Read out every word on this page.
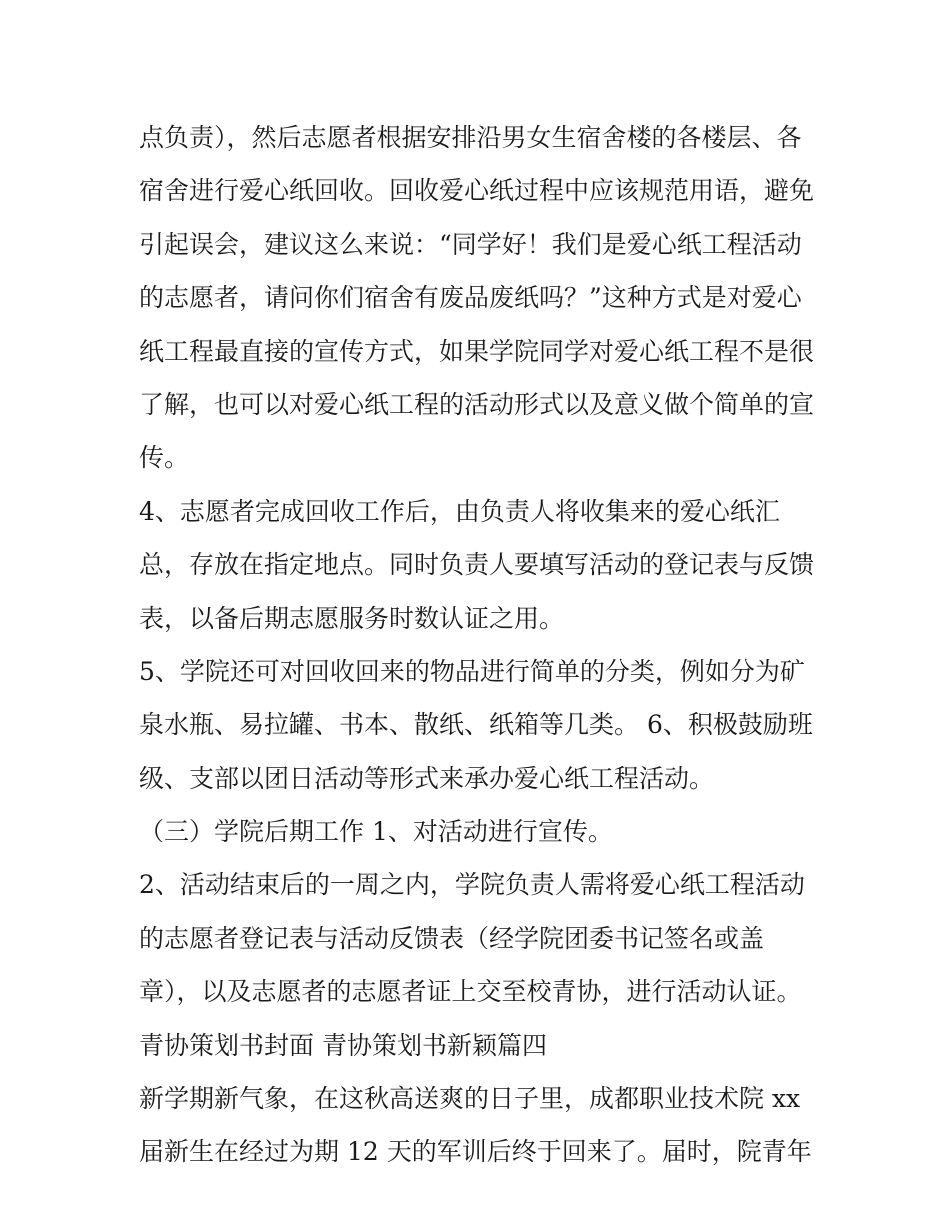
点负责），然后志愿者根据安排沿男女生宿舍楼的各楼层、各
宿舍进行爱心纸回收。回收爱心纸过程中应该规范用语，避免
引起误会，建议这么来说：“同学好！我们是爱心纸工程活动
的志愿者，请问你们宿舍有废品废纸吗？”这种方式是对爱心
纸工程最直接的宣传方式，如果学院同学对爱心纸工程不是很
了解，也可以对爱心纸工程的活动形式以及意义做个简单的宣
传。
4、志愿者完成回收工作后，由负责人将收集来的爱心纸汇
总，存放在指定地点。同时负责人要填写活动的登记表与反馈
表，以备后期志愿服务时数认证之用。
5、学院还可对回收回来的物品进行简单的分类，例如分为矿
泉水瓶、易拉罐、书本、散纸、纸箱等几类。 6、积极鼓励班
级、支部以团日活动等形式来承办爱心纸工程活动。
（三）学院后期工作 1、对活动进行宣传。
2、活动结束后的一周之内，学院负责人需将爱心纸工程活动
的志愿者登记表与活动反馈表（经学院团委书记签名或盖
章），以及志愿者的志愿者证上交至校青协，进行活动认证。
青协策划书封面 青协策划书新颖篇四
新学期新气象，在这秋高送爽的日子里，成都职业技术院 xx
届新生在经过为期 12 天的军训后终于回来了。届时，院青年
